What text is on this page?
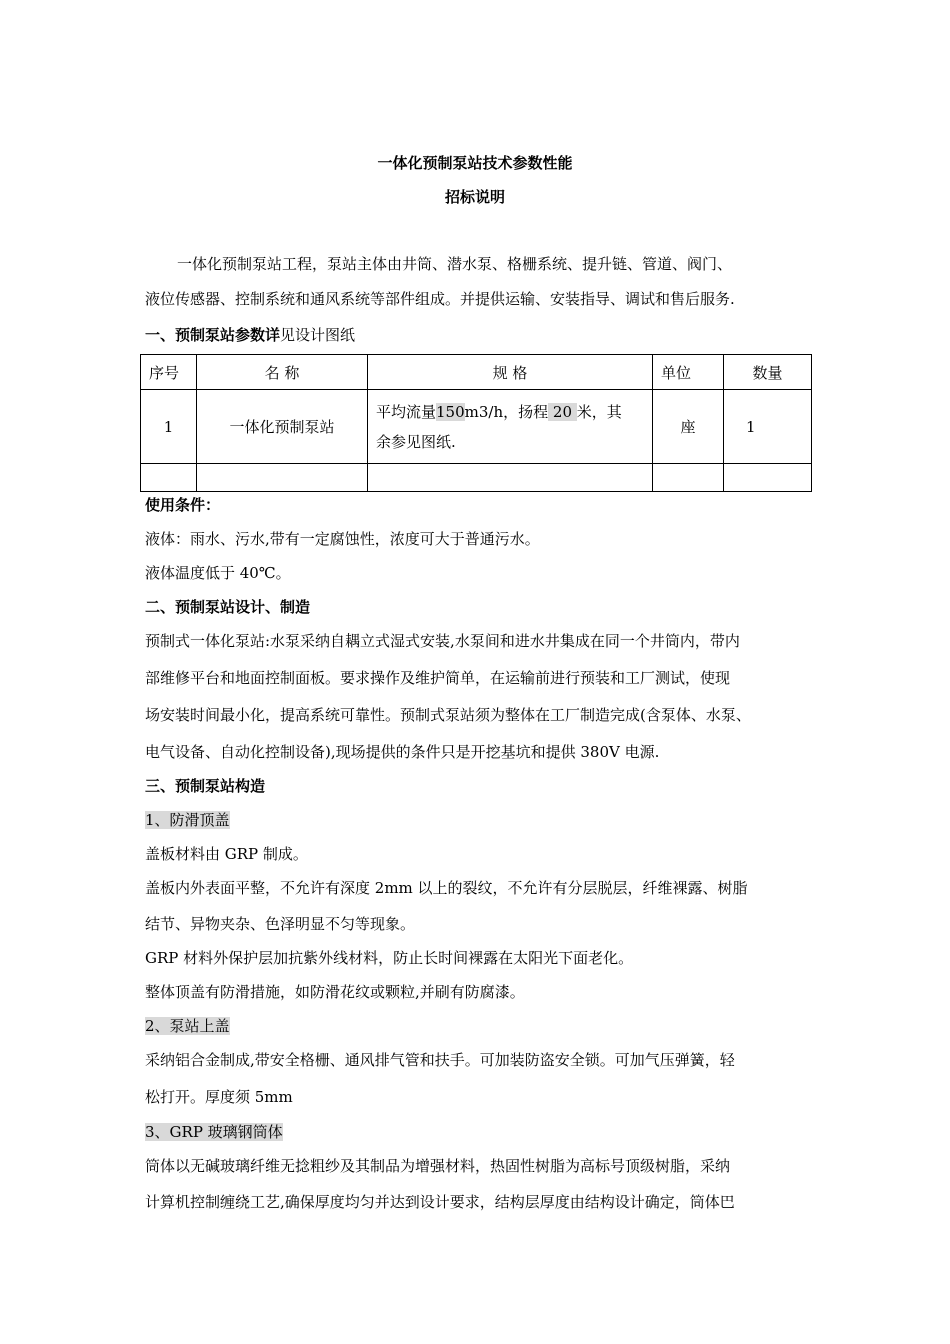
一体化预制泵站技术参数性能
招标说明
一体化预制泵站工程，泵站主体由井筒、潜水泵、格栅系统、提升链、管道、阀门、
液位传感器、控制系统和通风系统等部件组成。并提供运输、安装指导、调试和售后服务.
一、预制泵站参数详见设计图纸
序号	名 称	规 格	单位	数量
1	一体化预制泵站	平均流量150m3/h，扬程 20 米，其
余参见图纸.	座	1

使用条件：
液体：雨水、污水,带有一定腐蚀性，浓度可大于普通污水。
液体温度低于 40℃。
二、预制泵站设计、制造
预制式一体化泵站:水泵采纳自耦立式湿式安装,水泵间和进水井集成在同一个井筒内，带内
部维修平台和地面控制面板。要求操作及维护简单，在运输前进行预装和工厂测试，使现
场安装时间最小化，提高系统可靠性。预制式泵站须为整体在工厂制造完成(含泵体、水泵、
电气设备、自动化控制设备),现场提供的条件只是开挖基坑和提供 380V 电源.
三、预制泵站构造
1、防滑顶盖
盖板材料由 GRP 制成。
盖板内外表面平整，不允许有深度 2mm 以上的裂纹，不允许有分层脱层，纤维裸露、树脂
结节、异物夹杂、色泽明显不匀等现象。
GRP 材料外保护层加抗紫外线材料，防止长时间裸露在太阳光下面老化。
整体顶盖有防滑措施，如防滑花纹或颗粒,并刷有防腐漆。
2、泵站上盖
采纳铝合金制成,带安全格栅、通风排气管和扶手。可加装防盗安全锁。可加气压弹簧，轻
松打开。厚度须 5mm
3、GRP 玻璃钢筒体
筒体以无碱玻璃纤维无捻粗纱及其制品为增强材料，热固性树脂为高标号顶级树脂，采纳
计算机控制缠绕工艺,确保厚度均匀并达到设计要求，结构层厚度由结构设计确定，筒体巴
